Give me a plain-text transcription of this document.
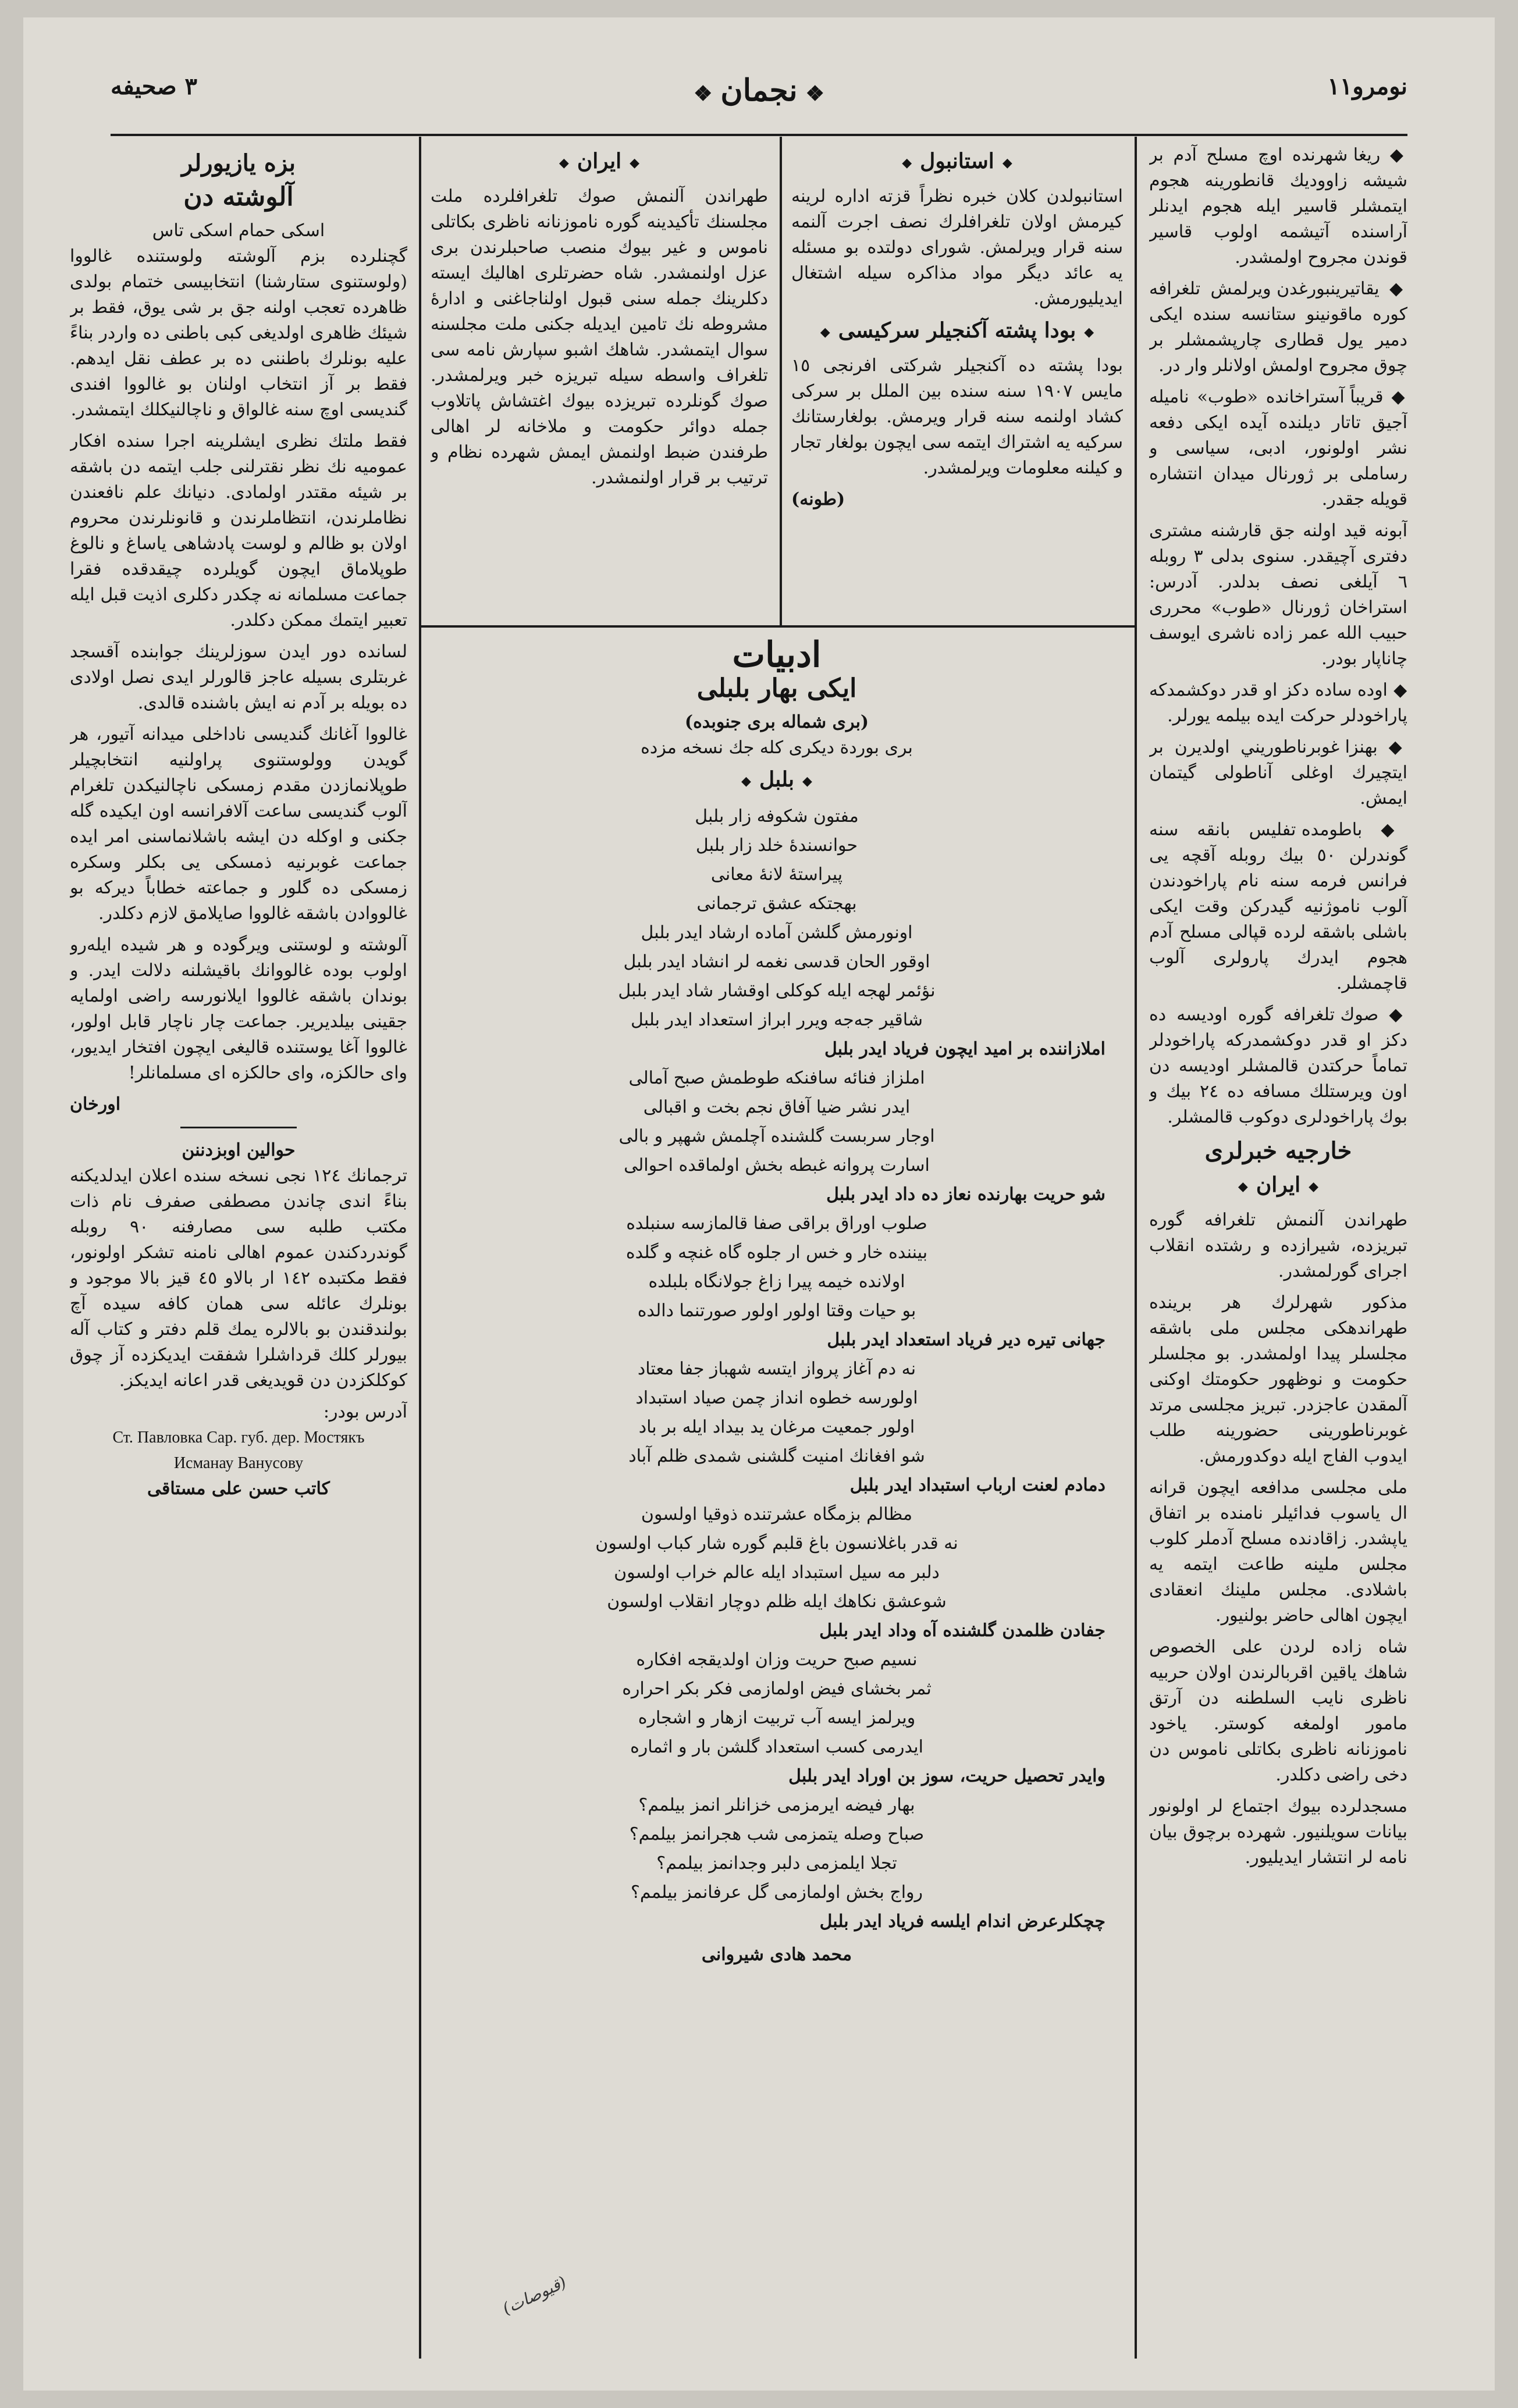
نومرو١١
❖ نجمان ❖
٣ صحيفه

◆ ريغا شهرنده اوچ مسلح آدم بر شيشه زاووديك قانطورينه هجوم ايتمشلر قاسير ايله هجوم ايدنلر آراسنده آتيشمه اولوب قاسير قوندن مجروح اولمشدر.

◆ يقاتيرينبورغدن ويرلمش تلغرافه كوره ماقونينو ستانسه سنده ايكى دمير يول قطارى چارپشمشلر بر چوق مجروح اولمش اولانلر وار در.

◆ قريباً آستراخانده «طوب» ناميله آجيق تاتار ديلنده آيده ايكى دفعه نشر اولونور، ادبى، سياسى و رساملى بر ژورنال ميدان انتشاره قويله جقدر.

آبونه قيد اولنه جق قارشنه مشترى دفترى آچيقدر. سنوى بدلى ٣ روبله ٦ آيلغى نصف بدلدر. آدرس: استراخان ژورنال «طوب» محررى حبيب الله عمر زاده ناشرى ايوسف چاناپار بودر.

◆ اوده ساده دكز او قدر دوكشمدكه پاراخودلر حركت ايده بيلمه يورلر.

◆ بهنزا غوبرناطوريني اولديرن بر ايتچيرك اوغلى آناطولى گيتمان ايمش.

◆ باطومده تفليس بانقه سنه گوندرلن ٥٠ بيك روبله آقچه يى فرانس فرمه سنه نام پاراخودندن آلوب ناموژنيه گيدركن وقت ايكى باشلى باشقه لرده قپالى مسلح آدم هجوم ايدرك پارولرى آلوب قاچمشلر.

◆ صوك تلغرافه گوره اوديسه ده دكز او قدر دوكشمدركه پاراخودلر تماماً حركتدن قالمشلر اوديسه دن اون ويرستلك مسافه ده ٢٤ بيك و بوك پاراخودلرى دوكوب قالمشلر.

خارجيه خبرلرى
◆ ايران ◆

طهراندن آلنمش تلغرافه گوره تبريزده، شيرازده و رشتده انقلاب اجراى گورلمشدر.

مذكور شهرلرك هر برينده طهراندهكى مجلس ملى باشقه مجلسلر پيدا اولمشدر. بو مجلسلر حكومت و نوظهور حكومتك اوكنى آلمقدن عاجزدر. تبريز مجلسى مرتد غوبرناطورينى حضورينه طلب ايدوب الفاج ايله دوكدورمش.

ملى مجلسى مدافعه ايچون قرانه ال ياسوب فدائيلر نامنده بر اتفاق ياپشدر. زاقادنده مسلح آدملر كلوب مجلس ملينه طاعت ايتمه يه باشلادى. مجلس ملينك انعقادى ايچون اهالى حاضر بولنيور.

شاه زاده لردن على الخصوص شاهك ياقين اقربالرندن اولان حربيه ناظرى نايب السلطنه دن آرتق مامور اولمغه كوستر. ياخود ناموزنانه ناظرى بكاتلى ناموس دن دخى راضى دكلدر.

مسجدلرده بيوك اجتماع لر اولونور بيانات سويلنيور. شهرده برچوق بيان نامه لر انتشار ايديليور.

◆ استانبول ◆

استانبولدن كلان خبره نظراً قزته اداره لرينه كيرمش اولان تلغرافلرك نصف اجرت آلنمه سنه قرار ويرلمش. شوراى دولتده بو مسئله يه عائد ديگر مواد مذاكره سيله اشتغال ايديليورمش.

◆ بودا پشته آكنجيلر سركيسى ◆

بودا پشته ده آكنجيلر شركتى افرنجى ١٥ مايس ١٩٠٧ سنه سنده بين الملل بر سركى كشاد اولنمه سنه قرار ويرمش. بولغارستانك سركيه يه اشتراك ايتمه سى ايچون بولغار تجار و كيلنه معلومات ويرلمشدر.

(طونه)
◆ ايران ◆

طهراندن آلنمش صوك تلغرافلرده ملت مجلسنك تأكيدينه گوره ناموزنانه ناظرى بكاتلى ناموس و غير بيوك منصب صاحبلرندن برى عزل اولنمشدر. شاه حضرتلرى اهاليك ايسته دكلرينك جمله سنى قبول اولناجاغنى و ادارهٔ مشروطه نك تامين ايديله جكنى ملت مجلسنه سوال ايتمشدر. شاهك اشبو سپارش نامه سى تلغراف واسطه سيله تبريزه خبر ويرلمشدر. صوك گونلرده تبريزده بيوك اغتشاش پاتلاوب جمله دوائر حكومت و ملاخانه لر اهالى طرفندن ضبط اولنمش ايمش شهرده نظام و ترتيب بر قرار اولنمشدر.

ادبيات
ايكى بهار بلبلى
(برى شماله برى جنوبده)
برى بوردة ديكرى كله جك نسخه مزده
◆ بلبل ◆
مفتون شكوفه زار بلبل
حوانسندهٔ خلد زار بلبل
پيراستهٔ لانهٔ معانى
بهجتكه عشق ترجمانى
اونورمش گلشن آماده ارشاد ايدر بلبل
اوقور الحان قدسى نغمه لر انشاد ايدر بلبل
نؤئمر لهجه ايله كوكلى اوقشار شاد ايدر بلبل
شاقير جه‌جه‌ ويرر ابراز استعداد ايدر بلبل
املازاننده بر اميد ايچون فرياد ايدر بلبل
املزاز فنائه سافنكه طوطمش صبح آمالى
ايدر نشر ضيا آفاق نجم بخت و اقبالى
اوجار سربست گلشنده آچلمش شهپر و بالى
اسارت پروانه غبطه بخش اولماقده احوالى
شو حريت بهارنده نعاز ده داد ايدر بلبل
صلوب اوراق براقى صفا قالمازسه سنبلده
بيننده خار و خس ار جلوه گاه غنچه و گلده
اولانده خيمه پيرا زاغ جولانگاه بلبلده
بو حيات وقتا اولور اولور صورتنما دالده
جهانى تيره دير فرياد استعداد ايدر بلبل
نه دم آغاز پرواز ايتسه شهباز جفا معتاد
اولورسه خطوه انداز چمن صياد استبداد
اولور جمعيت مرغان يد بيداد ايله بر باد
شو افغانك امنيت گلشنى شمدى ظلم آباد
دمادم لعنت ارباب استبداد ايدر بلبل
مظالم بزمگاه عشرتنده ذوقيا اولسون
نه قدر باغلانسون باغ قلبم گوره شار كباب اولسون
دلبر مه سيل استبداد ايله عالم خراب اولسون
شوعشق نكاهك ايله ظلم دوچار انقلاب اولسون
جفادن ظلمدن گلشنده آه وداد ايدر بلبل
نسيم صبح حريت وزان اولديقجه افكاره
ثمر بخشاى فيض اولمازمى فكر بكر احراره
ويرلمز ايسه آب تربيت ازهار و اشجاره
ايدرمى كسب استعداد گلشن بار و اثماره
وايدر تحصيل حريت، سوز بن اوراد ايدر بلبل
بهار فيضه ايرمزمى خزانلر انمز بيلمم؟
صباح وصله يتمزمى شب هجرانمز بيلمم؟
تجلا ايلمزمى دلبر وجدانمز بيلمم؟
رواج بخش اولمازمى گل عرفانمز بيلمم؟
چچكلرعرض اندام ايلسه فرياد ايدر بلبل
محمد هادى شيروانى
بزه يازيورلر
آلوشته دن
اسكى حمام اسكى تاس

گچنلرده بزم آلوشته ولوستنده غالووا (ولوستنوى ستارشنا) انتخابيسى ختمام بولدى ظاهرده تعجب اولنه جق بر شى يوق، فقط بر شيئك ظاهرى اولديغى كبى باطنى ده واردر بناءً عليه بونلرك باطننى ده بر عطف نقل ايدهم. فقط بر آز انتخاب اولنان بو غالووا افندى گنديسى اوچ سنه غالواق و ناچالنيكلك ايتمشدر.

فقط ملتك نظرى ايشلرينه اجرا سنده افكار عموميه نك نظر نقترلنى جلب ايتمه دن باشقه بر شيئه مقتدر اولمادى. دنيانك علم نافعندن نظاملرندن، انتظاملرندن و قانونلرندن محروم اولان بو ظالم و لوست پادشاهى ياساغ و نالوغ طوپلاماق ايچون گويلرده چيقدقده فقرا جماعت مسلمانه نه چكدر دكلرى اذيت قبل ايله تعبير ايتمك ممكن دكلدر.

لسانده دور ايدن سوزلرينك جوابنده آقسجد غربتلرى بسيله عاجز قالورلر ايدى نصل اولادى ده بويله بر آدم نه ايش باشنده قالدى.

غالووا آغانك گنديسى ناداخلى ميدانه آتيور، هر گويدن وولوستنوى پراولنيه انتخابچيلر طوپلانمازدن مقدم زمسكى ناچالنيكدن تلغرام آلوب گنديسى ساعت آلافرانسه اون ايكيده گله جكنى و اوكله دن ايشه باشلانماسنى امر ايده جماعت غوبرنيه ذمسكى يى بكلر وسكره زمسكى ده گلور و جماعته خطاباً ديركه بو غالووادن باشقه غالووا صايلامق لازم دكلدر.

آلوشته و لوستنى ويرگوده و هر شيده ايلەرو اولوب بوده غالووانك باقيشلنه دلالت ايدر. و بوندان باشقه غالووا ايلانورسه راضى اولمايه جقينى بيلديرير. جماعت چار ناچار قابل اولور، غالووا آغا يوستنده قاليغى ايچون افتخار ايديور، واى حالكزه، واى حالكزه اى مسلمانلر!

اورخان
حوالين اوبزدننن

ترجمانك ١٢٤ نجى نسخه سنده اعلان ايدلديكنه بناءً اندى چاندن مصطفى صفرف نام ذات مكتب طلبه سى مصارفنه ٩٠ روبله گوندردكندن عموم اهالى نامنه تشكر اولونور، فقط مكتبده ١٤٢ ار بالاو ٤٥ قيز بالا موجود و بونلرك عائله سى همان كافه سيده آچ بولندقندن بو بالالره يمك قلم دفتر و كتاب آله بيورلر كلك قرداشلرا شفقت ايديكزده آز چوق كوكلكزدن دن قويديغى قدر اعانه ايديكز.

آدرس بودر:
Ст. Павловка Сар. губ. дер. Мостякъ
Исманау Ванусову
كاتب حسن على مستاقى
(قيوصات)
